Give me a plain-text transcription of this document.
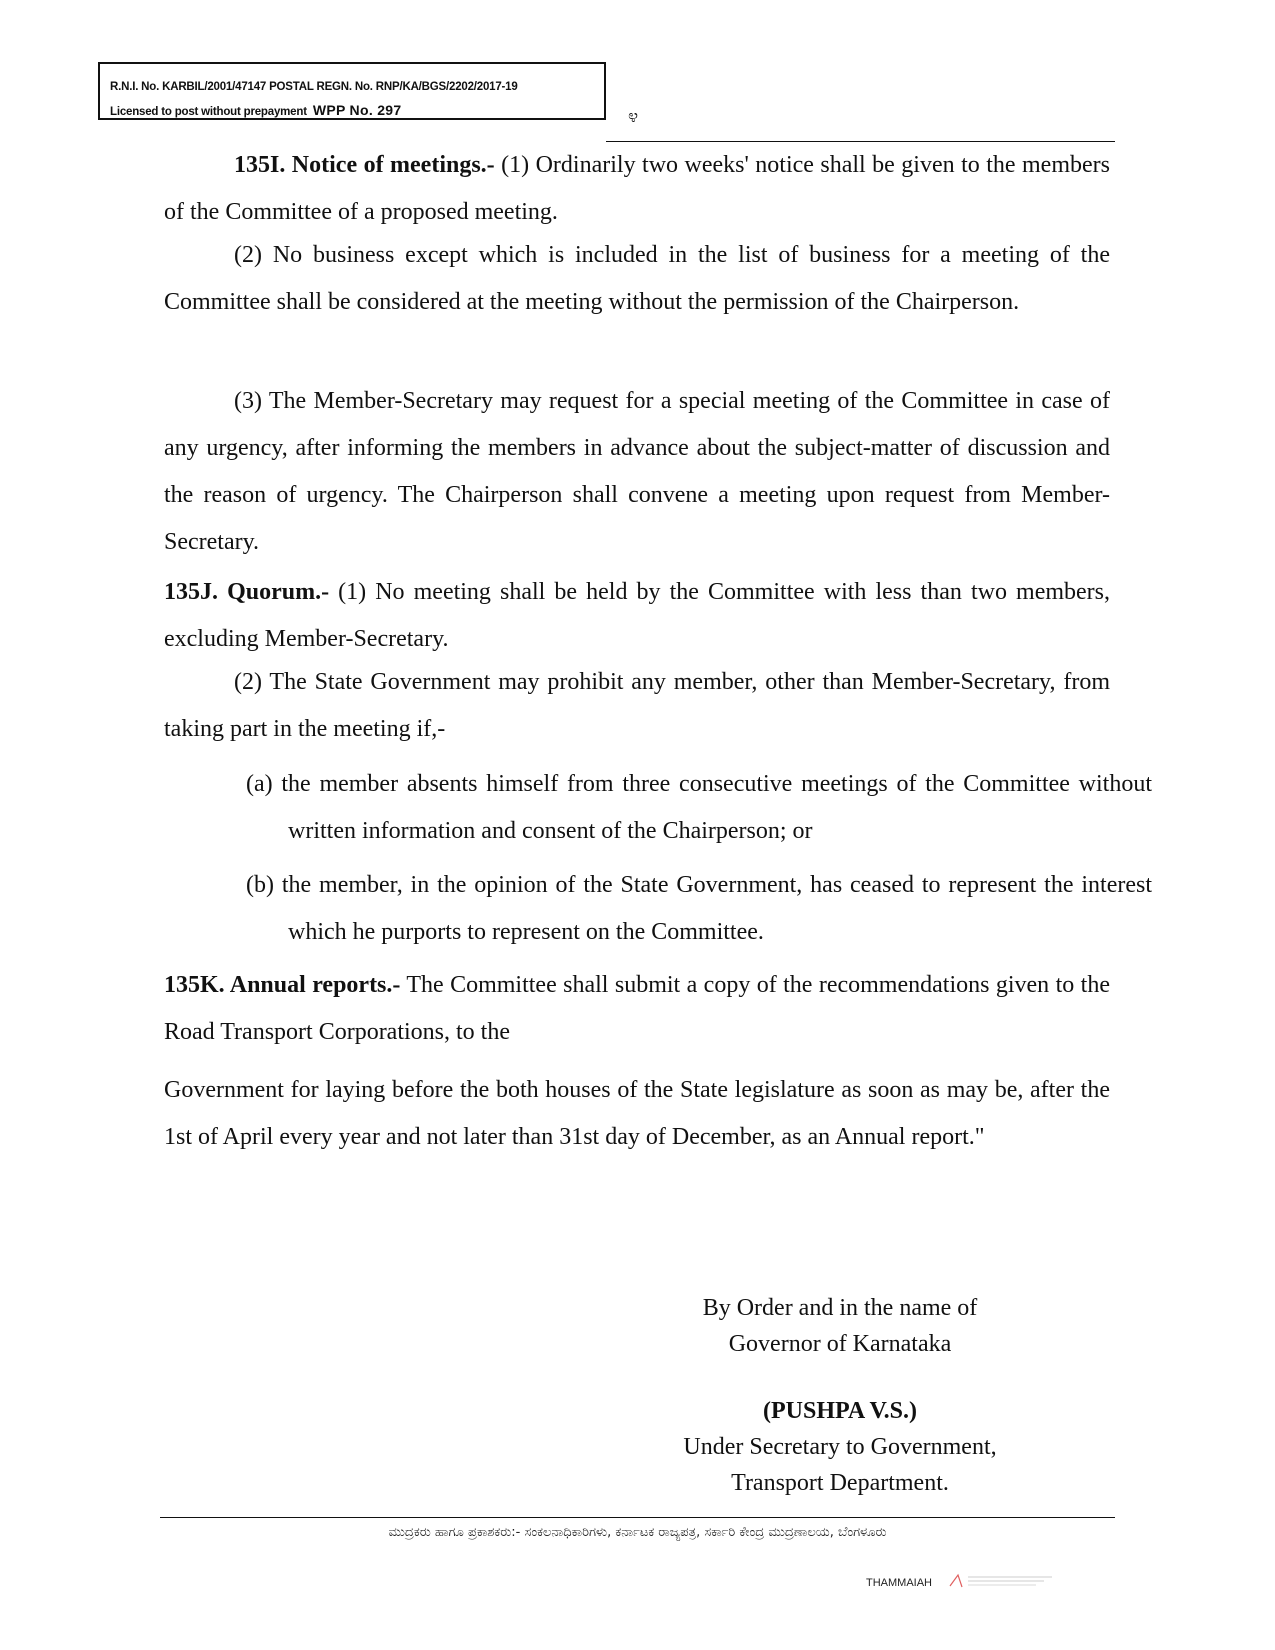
R.N.I. No. KARBIL/2001/47147 POSTAL REGN. No. RNP/KA/BGS/2202/2017-19
Licensed to post without prepayment WPP No. 297	೪

135I. Notice of meetings.- (1) Ordinarily two weeks' notice shall be given to the members of the Committee of a proposed meeting.

(2) No business except which is included in the list of business for a meeting of the Committee shall be considered at the meeting without the permission of the Chairperson.

(3) The Member-Secretary may request for a special meeting of the Committee in case of any urgency, after informing the members in advance about the subject-matter of discussion and the reason of urgency. The Chairperson shall convene a meeting upon request from Member-Secretary.

135J. Quorum.- (1) No meeting shall be held by the Committee with less than two members, excluding Member-Secretary.

(2) The State Government may prohibit any member, other than Member-Secretary, from taking part in the meeting if,-

(a) the member absents himself from three consecutive meetings of the Committee without written information and consent of the Chairperson; or

(b) the member, in the opinion of the State Government, has ceased to represent the interest which he purports to represent on the Committee.

135K. Annual reports.- The Committee shall submit a copy of the recommendations given to the Road Transport Corporations, to the

Government for laying before the both houses of the State legislature as soon as may be, after the 1st of April every year and not later than 31st day of December, as an Annual report."

By Order and in the name of
Governor of Karnataka
(PUSHPA V.S.)
Under Secretary to Government,
Transport Department.
ಮುದ್ರಕರು ಹಾಗೂ ಪ್ರಕಾಶಕರು:- ಸಂಕಲನಾಧಿಕಾರಿಗಳು, ಕರ್ನಾಟಕ ರಾಜ್ಯಪತ್ರ, ಸರ್ಕಾರಿ ಕೇಂದ್ರ ಮುದ್ರಣಾಲಯ, ಬೆಂಗಳೂರು
THAMMAIAH
